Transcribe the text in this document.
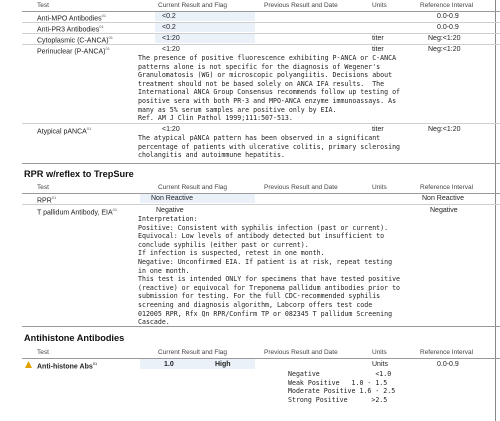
Test	Current Result and Flag	Previous Result and Date	Units	Reference Interval
Anti-MPO Antibodies$^{01}$	<0.2	0.0-0.9
Anti-PR3 Antibodies$^{01}$	<0.2	0.0-0.9
Cytoplasmic (C-ANCA)$^{01}$	<1:20	titer	Neg:<1:20
Perinuclear (P-ANCA)$^{01}$	<1:20	titer	Neg:<1:20
The presence of positive fluorescence exhibiting P-ANCA or C-ANCA
patterns alone is not specific for the diagnosis of Wegener's
Granulomatosis (WG) or microscopic polyangiitis. Decisions about
treatment should not be based solely on ANCA IFA results.  The
International ANCA Group Consensus recommends follow up testing of
positive sera with both PR-3 and MPO-ANCA enzyme immunoassays. As
many as 5% serum samples are positive only by EIA.
Ref. AM J Clin Pathol 1999;111:507-513.
Atypical pANCA$^{01}$	<1:20	titer	Neg:<1:20
The atypical pANCA pattern has been observed in a significant
percentage of patients with ulcerative colitis, primary sclerosing
cholangitis and autoimmune hepatitis.
RPR w/reflex to TrepSure
Test	Current Result and Flag	Previous Result and Date	Units	Reference Interval
RPR$^{01}$	Non Reactive	Non Reactive
T pallidum Antibody, EIA$^{01}$	Negative	Negative
Interpretation:
Positive: Consistent with syphilis infection (past or current).
Equivocal: Low levels of antibody detected but insufficient to
conclude syphilis (either past or current).
If infection is suspected, retest in one month.
Negative: Unconfirmed EIA. If patient is at risk, repeat testing
in one month.
This test is intended ONLY for specimens that have tested positive
(reactive) or equivocal for Treponema pallidum antibodies prior to
submission for testing. For the full CDC-recommended syphilis
screening and diagnosis algorithm, Labcorp offers test code
012005 RPR, Rfx Qn RPR/Confirm TP or 082345 T pallidum Screening
Cascade.
Antihistone Antibodies
Test	Current Result and Flag	Previous Result and Date	Units	Reference Interval
Anti-histone Abs$^{01}$	1.0	High	Units	0.0-0.9
Negative              <1.0
Weak Positive   1.0 - 1.5
Moderate Positive 1.6 - 2.5
Strong Positive      >2.5
